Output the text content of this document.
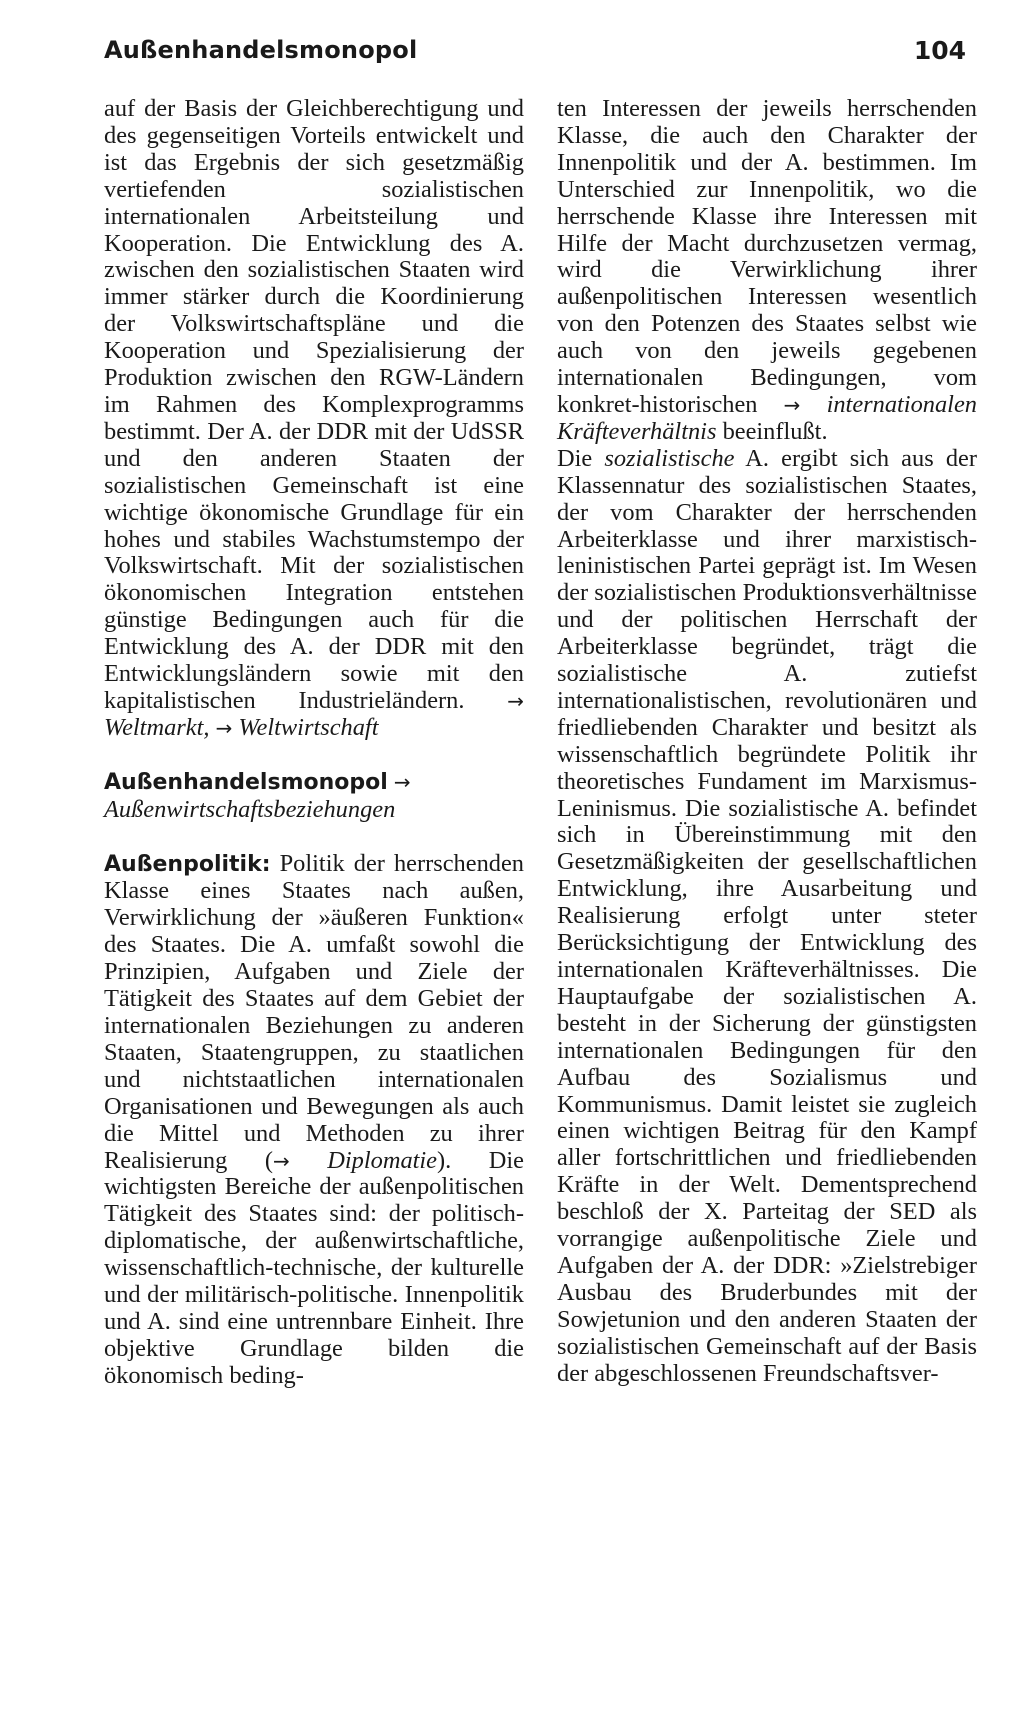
Außenhandelsmonopol	104

auf der Basis der Gleichberechtigung und des gegenseitigen Vorteils entwickelt und ist das Ergebnis der sich gesetzmäßig vertiefenden sozialistischen internationalen Arbeitsteilung und Kooperation. Die Entwicklung des A. zwischen den sozialistischen Staaten wird immer stärker durch die Koordinierung der Volkswirtschaftspläne und die Kooperation und Spezialisierung der Produktion zwischen den RGW-Ländern im Rahmen des Komplexprogramms bestimmt. Der A. der DDR mit der UdSSR und den anderen Staaten der sozialistischen Gemeinschaft ist eine wichtige ökonomische Grundlage für ein hohes und stabiles Wachstumstempo der Volkswirtschaft. Mit der sozialistischen ökonomischen Integration entstehen günstige Bedingungen auch für die Entwicklung des A. der DDR mit den Entwicklungsländern sowie mit den kapitalistischen Industrieländern. → Weltmarkt, → Weltwirtschaft

Außenhandelsmonopol → Außenwirtschaftsbeziehungen

Außenpolitik: Politik der herrschenden Klasse eines Staates nach außen, Verwirklichung der »äußeren Funktion« des Staates. Die A. umfaßt sowohl die Prinzipien, Aufgaben und Ziele der Tätigkeit des Staates auf dem Gebiet der internationalen Beziehungen zu anderen Staaten, Staatengruppen, zu staatlichen und nichtstaatlichen internationalen Organisationen und Bewegungen als auch die Mittel und Methoden zu ihrer Realisierung (→ Diplomatie). Die wichtigsten Bereiche der außenpolitischen Tätigkeit des Staates sind: der politisch-diplomatische, der außenwirtschaftliche, wissenschaftlich-technische, der kulturelle und der militärisch-politische. Innenpolitik und A. sind eine untrennbare Einheit. Ihre objektive Grundlage bilden die ökonomisch beding-

ten Interessen der jeweils herrschenden Klasse, die auch den Charakter der Innenpolitik und der A. bestimmen. Im Unterschied zur Innenpolitik, wo die herrschende Klasse ihre Interessen mit Hilfe der Macht durchzusetzen vermag, wird die Verwirklichung ihrer außenpolitischen Interessen wesentlich von den Potenzen des Staates selbst wie auch von den jeweils gegebenen internationalen Bedingungen, vom konkret-historischen → internationalen Kräfteverhältnis beeinflußt.

Die sozialistische A. ergibt sich aus der Klassennatur des sozialistischen Staates, der vom Charakter der herrschenden Arbeiterklasse und ihrer marxistisch-leninistischen Partei geprägt ist. Im Wesen der sozialistischen Produktionsverhältnisse und der politischen Herrschaft der Arbeiterklasse begründet, trägt die sozialistische A. zutiefst internationalistischen, revolutionären und friedliebenden Charakter und besitzt als wissenschaftlich begründete Politik ihr theoretisches Fundament im Marxismus-Leninismus. Die sozialistische A. befindet sich in Übereinstimmung mit den Gesetzmäßigkeiten der gesellschaftlichen Entwicklung, ihre Ausarbeitung und Realisierung erfolgt unter steter Berücksichtigung der Entwicklung des internationalen Kräfteverhältnisses. Die Hauptaufgabe der sozialistischen A. besteht in der Sicherung der günstigsten internationalen Bedingungen für den Aufbau des Sozialismus und Kommunismus. Damit leistet sie zugleich einen wichtigen Beitrag für den Kampf aller fortschrittlichen und friedliebenden Kräfte in der Welt. Dementsprechend beschloß der X. Parteitag der SED als vorrangige außenpolitische Ziele und Aufgaben der A. der DDR: »Zielstrebiger Ausbau des Bruderbundes mit der Sowjetunion und den anderen Staaten der sozialistischen Gemeinschaft auf der Basis der abgeschlossenen Freundschaftsver-
